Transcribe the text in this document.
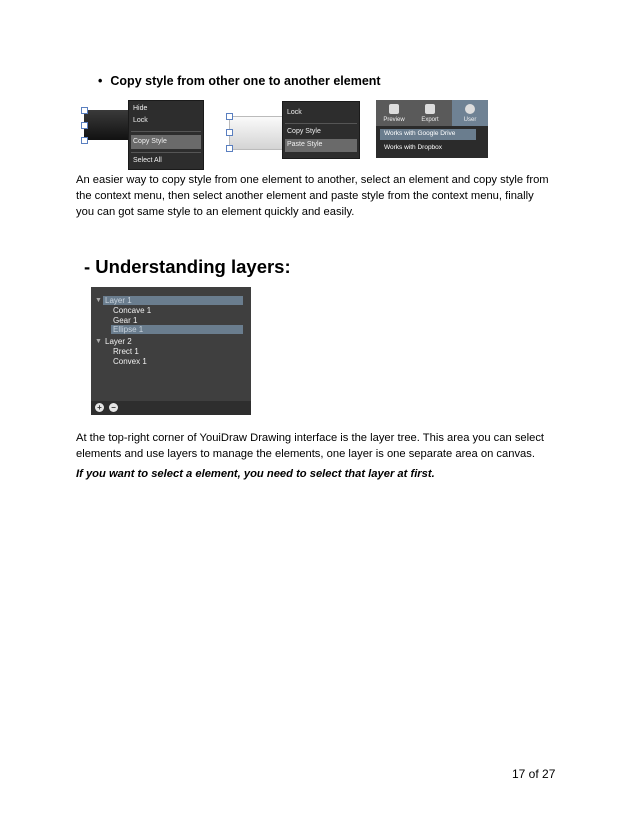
• Copy style from other one to another element
Hide
Lock
Copy Style
Select All
Lock
Copy Style
Paste Style
Preview	Export	User
Works with Google Drive
Works with Dropbox
An easier way to copy style from one element to another, select an element and copy style from
the context menu, then select another element and paste style from the context menu, finally
you can got same style to an element quickly and easily.
- Understanding layers:
▼ Layer 1
Concave 1
Gear 1
Ellipse 1
▼ Layer 2
Rrect 1
Convex 1
+ −
At the top-right corner of YouiDraw Drawing interface is the layer tree. This area you can select
elements and use layers to manage the elements, one layer is one separate area on canvas.
If you want to select a element, you need to select that layer at first.
17 of 27
